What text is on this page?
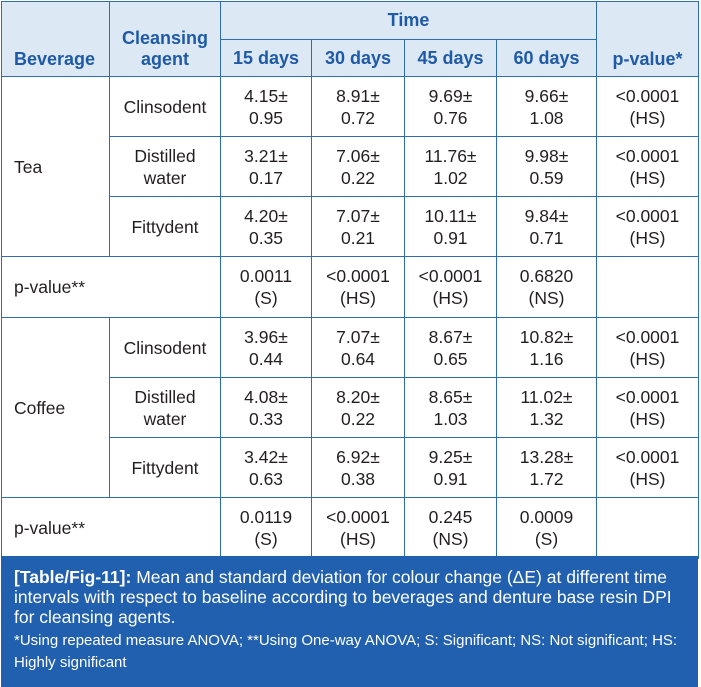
Beverage	Cleansing agent	Time				p-value*
		15 days	30 days	45 days	60 days	
Tea	Clinsodent	4.15±
0.95	8.91±
0.72	9.69±
0.76	9.66±
1.08	<0.0001
(HS)

	Distilled
water	3.21±
0.17	7.06±
0.22	11.76±
1.02	9.98±
0.59	<0.0001
(HS)

	Fittydent	4.20±
0.35	7.07±
0.21	10.11±
0.91	9.84±
0.71	<0.0001
(HS)

p-value**		0.0011
(S)	<0.0001
(HS)	<0.0001
(HS)	0.6820
(NS)	

Coffee	Clinsodent	3.96±
0.44	7.07±
0.64	8.67±
0.65	10.82±
1.16	<0.0001
(HS)

	Distilled
water	4.08±
0.33	8.20±
0.22	8.65±
1.03	11.02±
1.32	<0.0001
(HS)

	Fittydent	3.42±
0.63	6.92±
0.38	9.25±
0.91	13.28±
1.72	<0.0001
(HS)

p-value**		0.0119
(S)	<0.0001
(HS)	0.245
(NS)	0.0009
(S)	

[Table/Fig-11]: Mean and standard deviation for colour change (ΔE) at different time intervals with respect to baseline according to beverages and denture base resin DPI for cleansing agents.
*Using repeated measure ANOVA; **Using One-way ANOVA; S: Significant; NS: Not significant; HS: Highly significant
